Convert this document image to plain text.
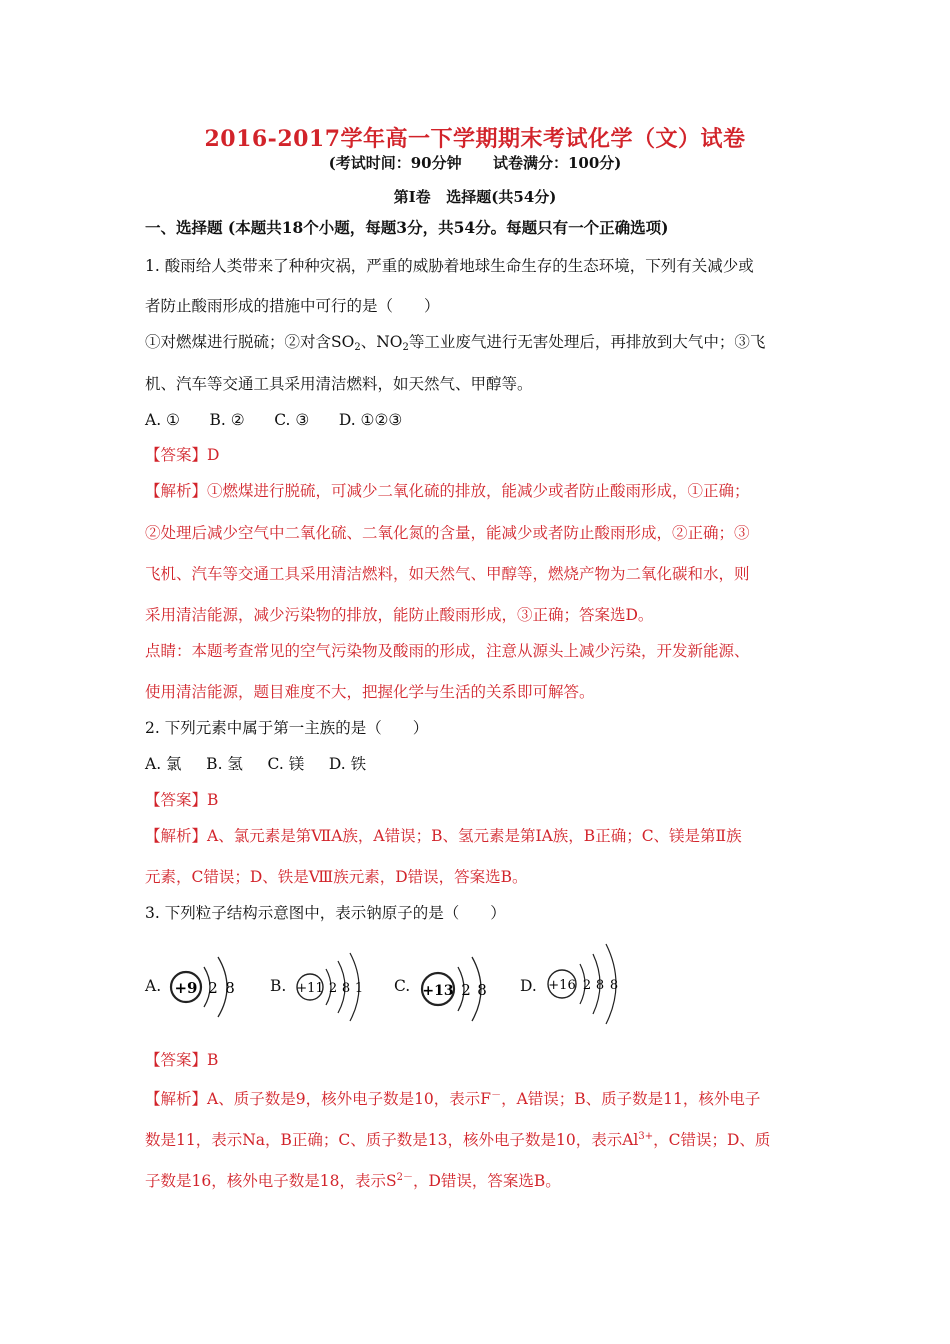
2016-2017学年高一下学期期末考试化学（文）试卷
(考试时间：90分钟      试卷满分：100分)
第Ⅰ卷   选择题(共54分)
一、选择题 (本题共18个小题，每题3分，共54分。每题只有一个正确选项)
1. 酸雨给人类带来了种种灾祸，严重的威胁着地球生命生存的生态环境，下列有关减少或
者防止酸雨形成的措施中可行的是（　　）
①对燃煤进行脱硫；②对含$SO_2$、$NO_2$等工业废气进行无害处理后，再排放到大气中；③飞
机、汽车等交通工具采用清洁燃料，如天然气、甲醇等。
A. ①      B. ②      C. ③      D. ①②③
【答案】D
【解析】①燃煤进行脱硫，可减少二氧化硫的排放，能减少或者防止酸雨形成，①正确；
②处理后减少空气中二氧化硫、二氧化氮的含量，能减少或者防止酸雨形成，②正确；③
飞机、汽车等交通工具采用清洁燃料，如天然气、甲醇等，燃烧产物为二氧化碳和水，则
采用清洁能源，减少污染物的排放，能防止酸雨形成，③正确；答案选D。
点睛：本题考查常见的空气污染物及酸雨的形成，注意从源头上减少污染，开发新能源、
使用清洁能源，题目难度不大，把握化学与生活的关系即可解答。
2. 下列元素中属于第一主族的是（　　）
A. 氯     B. 氢     C. 镁     D. 铁
【答案】B
【解析】A、氯元素是第ⅦA族，A错误；B、氢元素是第ⅠA族，B正确；C、镁是第Ⅱ族
元素，C错误；D、铁是Ⅷ族元素，D错误，答案选B。
3. 下列粒子结构示意图中，表示钠原子的是（　　）
A. +9 2 8 B. +11 2 8 1 C. +13 2 8 D. +16 2 8 8
【答案】B
【解析】A、质子数是9，核外电子数是10，表示F－，A错误；B、质子数是11，核外电子
数是11，表示Na，B正确；C、质子数是13，核外电子数是10，表示$Al^{3+}$，C错误；D、质
子数是16，核外电子数是18，表示$S^{2-}$，D错误，答案选B。
